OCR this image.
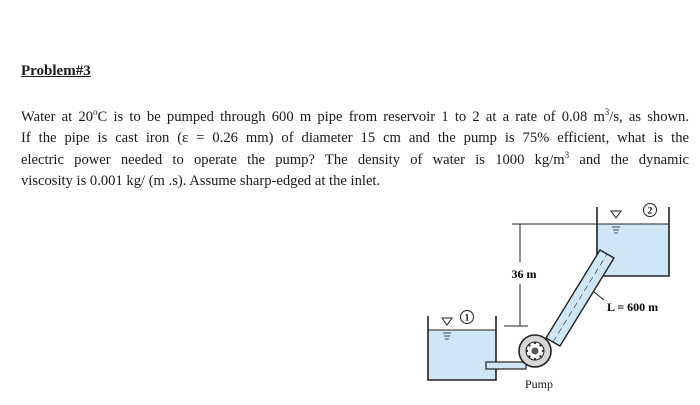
Problem#3
Water at 20$^o$C is to be pumped through 600 m pipe from reservoir 1 to 2 at a rate of 0.08 $m^3/s$, as shown.
If the pipe is cast iron (ε = 0.26 mm) of diameter 15 cm and the pump is 75% efficient, what is the
electric power needed to operate the pump? The density of water is 1000 $kg/m^3$ and the dynamic
viscosity is 0.001 kg/ (m .s). Assume sharp-edged at the inlet.
2
1
36 m
L = 600 m
Pump
